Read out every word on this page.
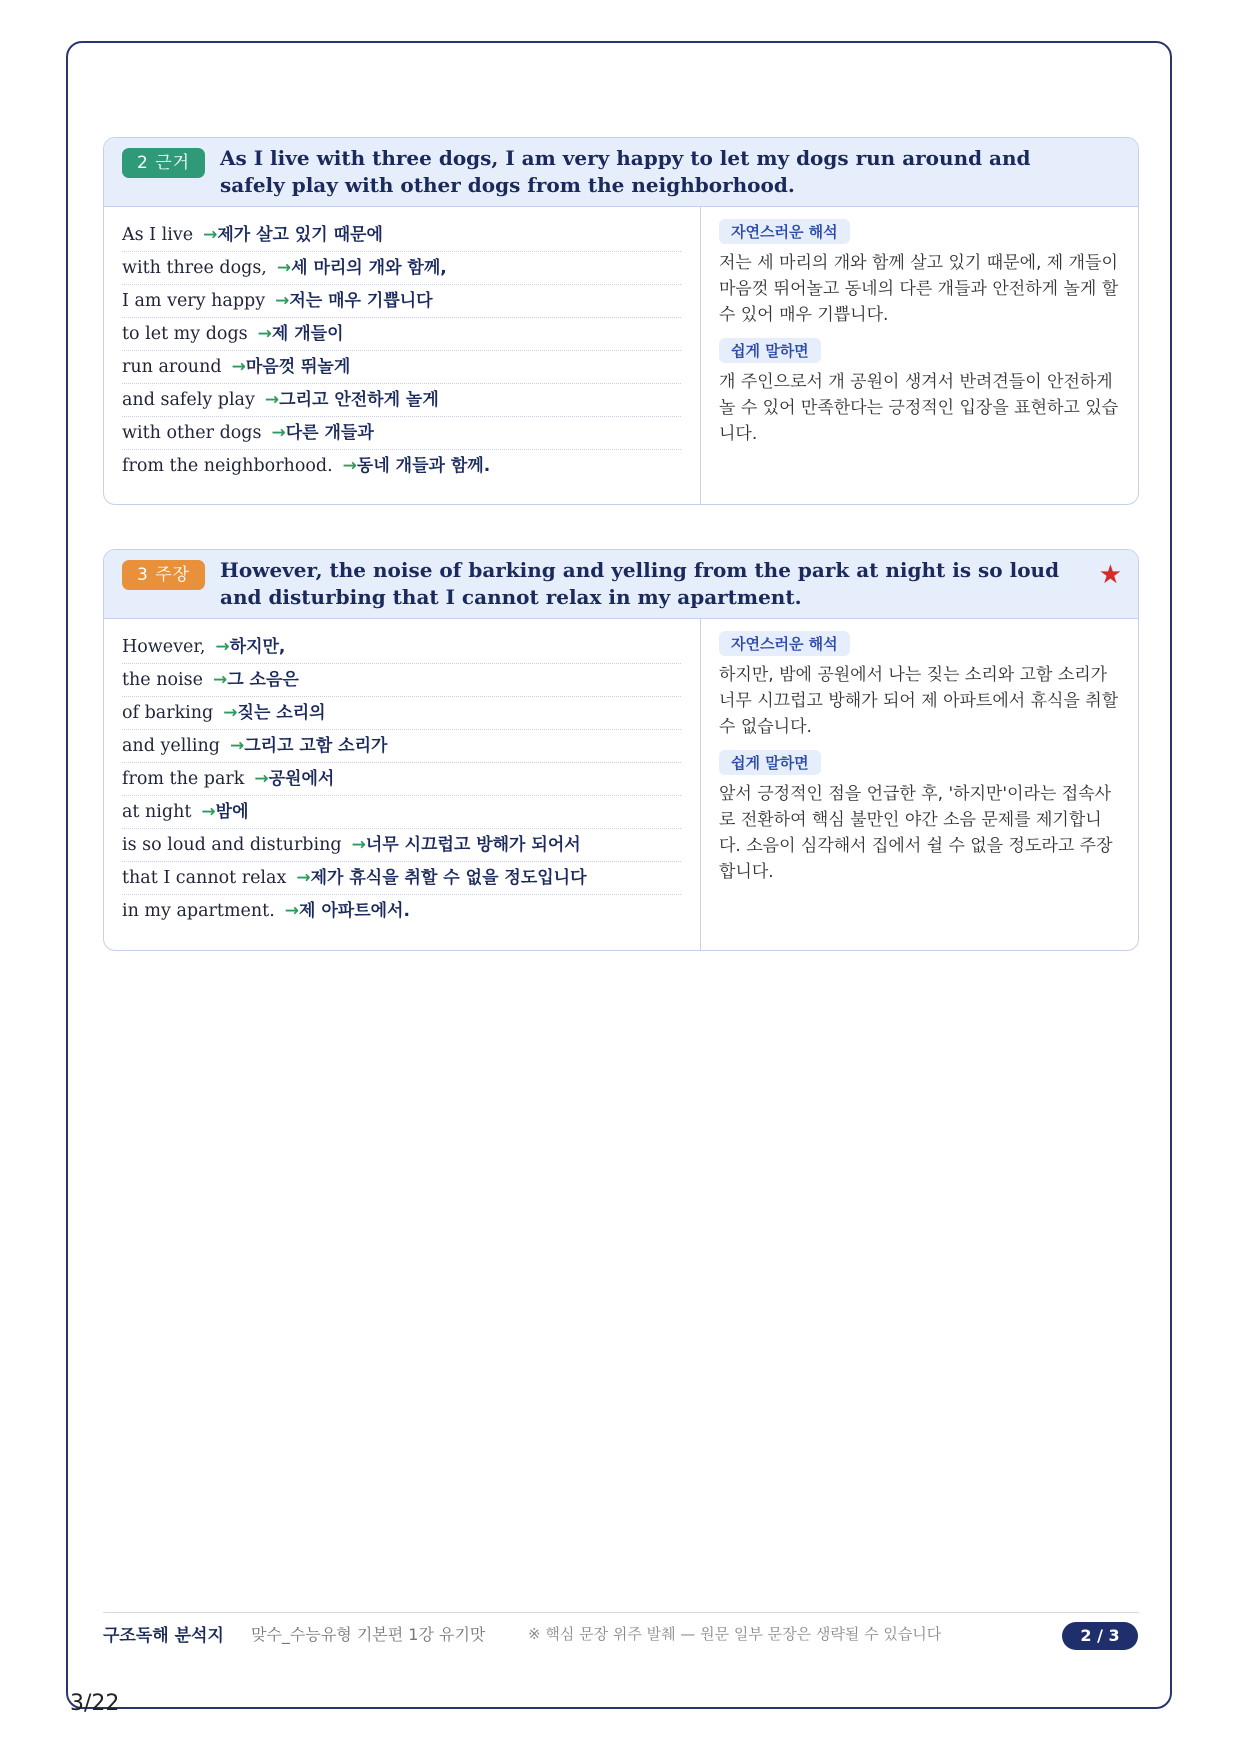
2 근거	As I live with three dogs, I am very happy to let my dogs run around and safely play with other dogs from the neighborhood.
As I live →제가 살고 있기 때문에
with three dogs, →세 마리의 개와 함께,
I am very happy →저는 매우 기쁩니다
to let my dogs →제 개들이
run around →마음껏 뛰놀게
and safely play →그리고 안전하게 놀게
with other dogs →다른 개들과
from the neighborhood. →동네 개들과 함께.
자연스러운 해석
저는 세 마리의 개와 함께 살고 있기 때문에, 제 개들이 마음껏 뛰어놀고 동네의 다른 개들과 안전하게 놀게 할 수 있어 매우 기쁩니다.
쉽게 말하면
개 주인으로서 개 공원이 생겨서 반려견들이 안전하게 놀 수 있어 만족한다는 긍정적인 입장을 표현하고 있습니다.
3 주장	However, the noise of barking and yelling from the park at night is so loud and disturbing that I cannot relax in my apartment.
★
However, →하지만,
the noise →그 소음은
of barking →짖는 소리의
and yelling →그리고 고함 소리가
from the park →공원에서
at night →밤에
is so loud and disturbing →너무 시끄럽고 방해가 되어서
that I cannot relax →제가 휴식을 취할 수 없을 정도입니다
in my apartment. →제 아파트에서.
자연스러운 해석
하지만, 밤에 공원에서 나는 짖는 소리와 고함 소리가 너무 시끄럽고 방해가 되어 제 아파트에서 휴식을 취할 수 없습니다.
쉽게 말하면
앞서 긍정적인 점을 언급한 후, '하지만'이라는 접속사로 전환하여 핵심 불만인 야간 소음 문제를 제기합니다. 소음이 심각해서 집에서 쉴 수 없을 정도라고 주장합니다.
구조독해 분석지 맞수_수능유형 기본편 1강 유기맛	※ 핵심 문장 위주 발췌 — 원문 일부 문장은 생략될 수 있습니다	2 / 3
3/22
